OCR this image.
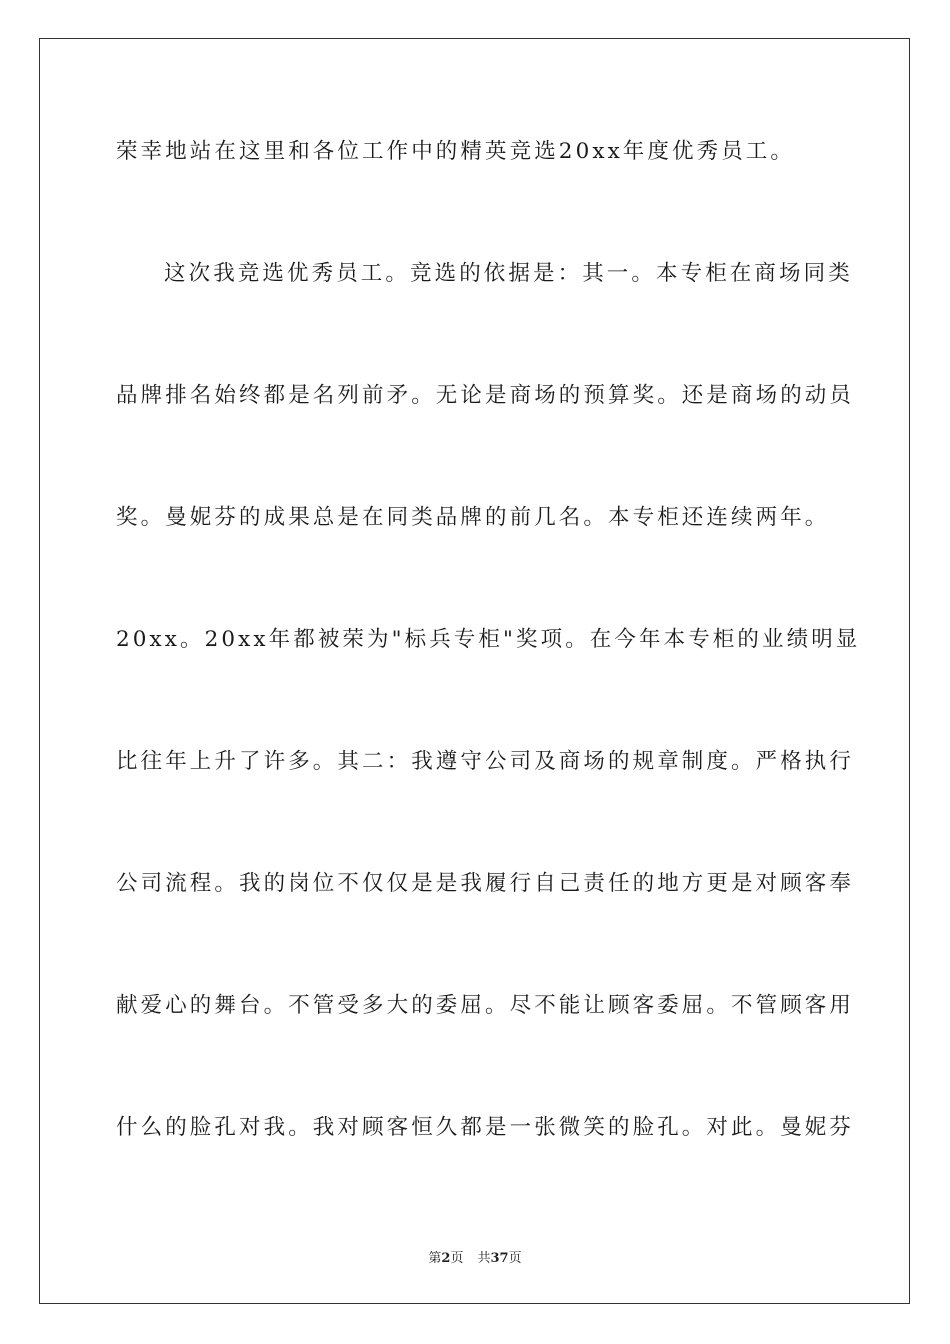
荣幸地站在这里和各位工作中的精英竞选20xx年度优秀员工。
这次我竞选优秀员工。竞选的依据是：其一。本专柜在商场同类
品牌排名始终都是名列前矛。无论是商场的预算奖。还是商场的动员
奖。曼妮芬的成果总是在同类品牌的前几名。本专柜还连续两年。
20xx。20xx年都被荣为"标兵专柜"奖项。在今年本专柜的业绩明显
比往年上升了许多。其二：我遵守公司及商场的规章制度。严格执行
公司流程。我的岗位不仅仅是是我履行自己责任的地方更是对顾客奉
献爱心的舞台。不管受多大的委屈。尽不能让顾客委屈。不管顾客用
什么的脸孔对我。我对顾客恒久都是一张微笑的脸孔。对此。曼妮芬
第2页 共37页
